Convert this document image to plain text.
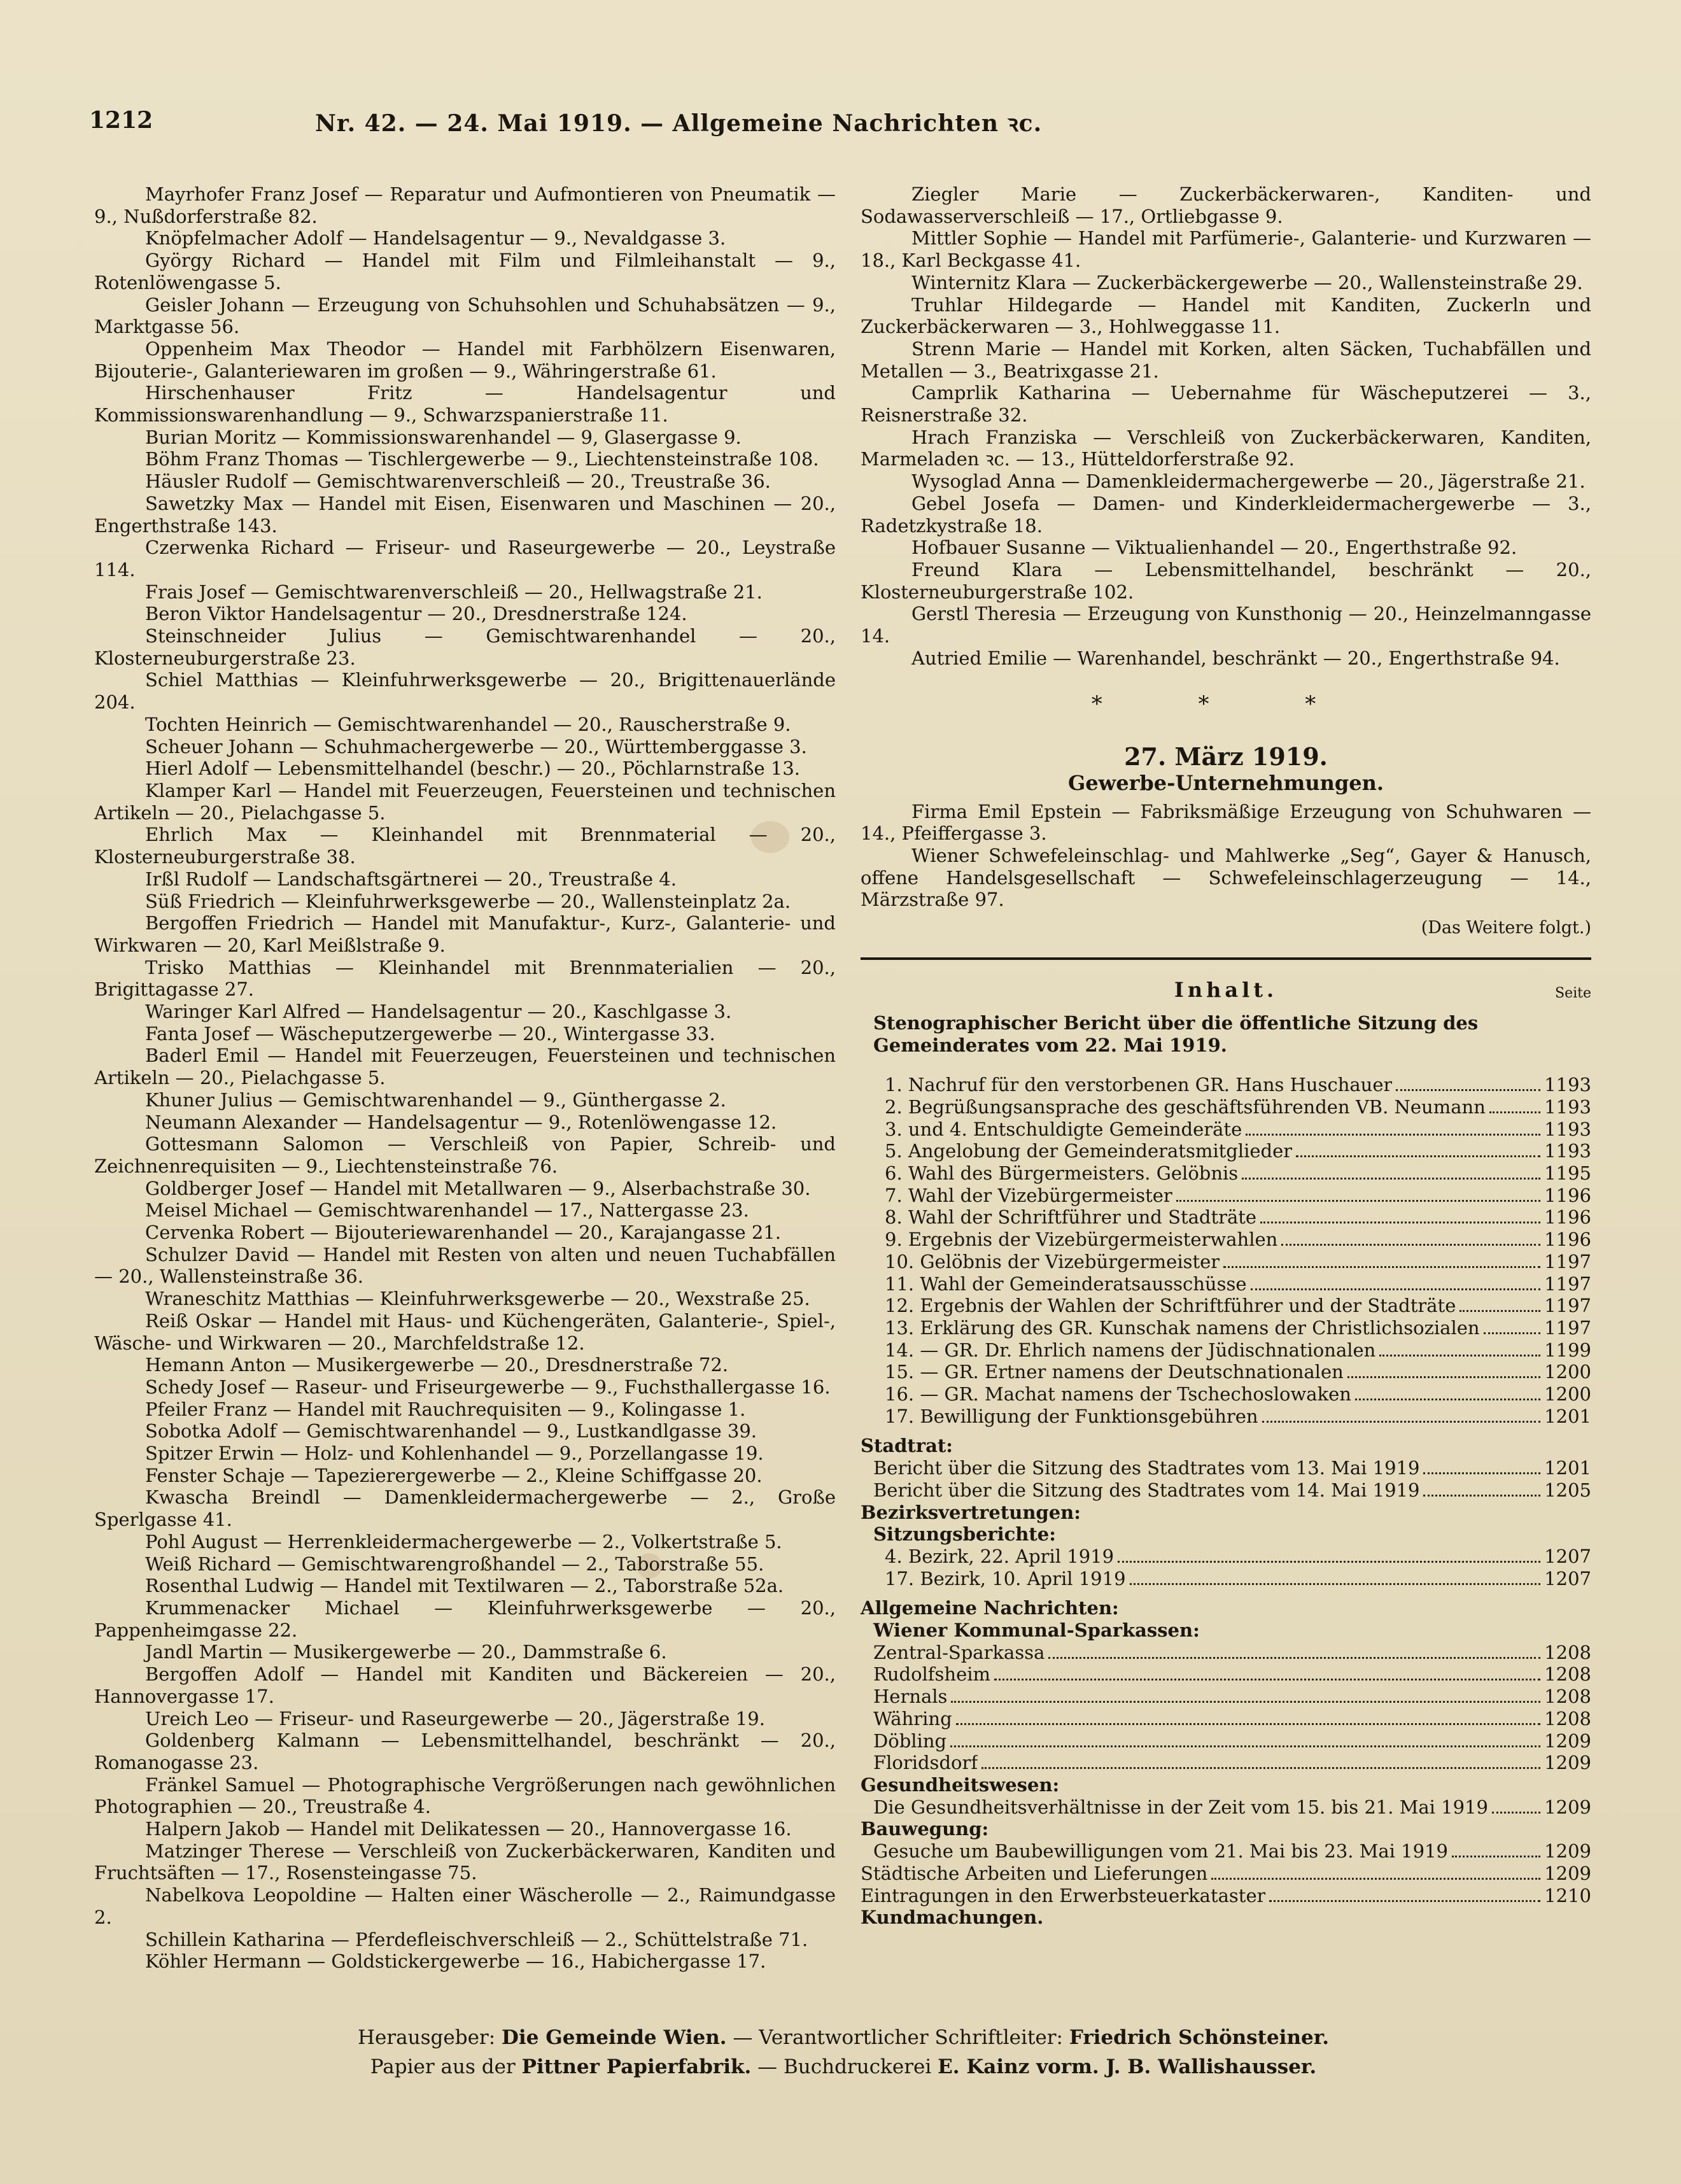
1212	Nr. 42. — 24. Mai 1919. — Allgemeine Nachrichten ꝛc.

Mayrhofer Franz Josef — Reparatur und Aufmontieren von Pneumatik — 9., Nußdorferstraße 82.

Knöpfelmacher Adolf — Handelsagentur — 9., Nevaldgasse 3.

György Richard — Handel mit Film und Filmleihanstalt — 9., Rotenlöwengasse 5.

Geisler Johann — Erzeugung von Schuhsohlen und Schuhabsätzen — 9., Marktgasse 56.

Oppenheim Max Theodor — Handel mit Farbhölzern Eisenwaren, Bijouterie-, Galanteriewaren im großen — 9., Währingerstraße 61.

Hirschenhauser Fritz — Handelsagentur und Kommissionswarenhandlung — 9., Schwarzspanierstraße 11.

Burian Moritz — Kommissionswarenhandel — 9, Glasergasse 9.

Böhm Franz Thomas — Tischlergewerbe — 9., Liechtensteinstraße 108.

Häusler Rudolf — Gemischtwarenverschleiß — 20., Treustraße 36.

Sawetzky Max — Handel mit Eisen, Eisenwaren und Maschinen — 20., Engerthstraße 143.

Czerwenka Richard — Friseur- und Raseurgewerbe — 20., Leystraße 114.

Frais Josef — Gemischtwarenverschleiß — 20., Hellwagstraße 21.

Beron Viktor Handelsagentur — 20., Dresdnerstraße 124.

Steinschneider Julius — Gemischtwarenhandel — 20., Klosterneuburgerstraße 23.

Schiel Matthias — Kleinfuhrwerksgewerbe — 20., Brigittenauerlände 204.

Tochten Heinrich — Gemischtwarenhandel — 20., Rauscherstraße 9.

Scheuer Johann — Schuhmachergewerbe — 20., Württemberggasse 3.

Hierl Adolf — Lebensmittelhandel (beschr.) — 20., Pöchlarnstraße 13.

Klamper Karl — Handel mit Feuerzeugen, Feuersteinen und technischen Artikeln — 20., Pielachgasse 5.

Ehrlich Max — Kleinhandel mit Brennmaterial — 20., Klosterneuburgerstraße 38.

Irßl Rudolf — Landschaftsgärtnerei — 20., Treustraße 4.

Süß Friedrich — Kleinfuhrwerksgewerbe — 20., Wallensteinplatz 2a.

Bergoffen Friedrich — Handel mit Manufaktur-, Kurz-, Galanterie- und Wirkwaren — 20, Karl Meißlstraße 9.

Trisko Matthias — Kleinhandel mit Brennmaterialien — 20., Brigittagasse 27.

Waringer Karl Alfred — Handelsagentur — 20., Kaschlgasse 3.

Fanta Josef — Wäscheputzergewerbe — 20., Wintergasse 33.

Baderl Emil — Handel mit Feuerzeugen, Feuersteinen und technischen Artikeln — 20., Pielachgasse 5.

Khuner Julius — Gemischtwarenhandel — 9., Günthergasse 2.

Neumann Alexander — Handelsagentur — 9., Rotenlöwengasse 12.

Gottesmann Salomon — Verschleiß von Papier, Schreib- und Zeichnenrequisiten — 9., Liechtensteinstraße 76.

Goldberger Josef — Handel mit Metallwaren — 9., Alserbachstraße 30.

Meisel Michael — Gemischtwarenhandel — 17., Nattergasse 23.

Cervenka Robert — Bijouteriewarenhandel — 20., Karajangasse 21.

Schulzer David — Handel mit Resten von alten und neuen Tuchabfällen — 20., Wallensteinstraße 36.

Wraneschitz Matthias — Kleinfuhrwerksgewerbe — 20., Wexstraße 25.

Reiß Oskar — Handel mit Haus- und Küchengeräten, Galanterie-, Spiel-, Wäsche- und Wirkwaren — 20., Marchfeldstraße 12.

Hemann Anton — Musikergewerbe — 20., Dresdnerstraße 72.

Schedy Josef — Raseur- und Friseurgewerbe — 9., Fuchsthallergasse 16.

Pfeiler Franz — Handel mit Rauchrequisiten — 9., Kolingasse 1.

Sobotka Adolf — Gemischtwarenhandel — 9., Lustkandlgasse 39.

Spitzer Erwin — Holz- und Kohlenhandel — 9., Porzellangasse 19.

Fenster Schaje — Tapezierergewerbe — 2., Kleine Schiffgasse 20.

Kwascha Breindl — Damenkleidermachergewerbe — 2., Große Sperlgasse 41.

Pohl August — Herrenkleidermachergewerbe — 2., Volkertstraße 5.

Weiß Richard — Gemischtwarengroßhandel — 2., Taborstraße 55.

Rosenthal Ludwig — Handel mit Textilwaren — 2., Taborstraße 52a.

Krummenacker Michael — Kleinfuhrwerksgewerbe — 20., Pappenheimgasse 22.

Jandl Martin — Musikergewerbe — 20., Dammstraße 6.

Bergoffen Adolf — Handel mit Kanditen und Bäckereien — 20., Hannovergasse 17.

Ureich Leo — Friseur- und Raseurgewerbe — 20., Jägerstraße 19.

Goldenberg Kalmann — Lebensmittelhandel, beschränkt — 20., Romanogasse 23.

Fränkel Samuel — Photographische Vergrößerungen nach gewöhnlichen Photographien — 20., Treustraße 4.

Halpern Jakob — Handel mit Delikatessen — 20., Hannovergasse 16.

Matzinger Therese — Verschleiß von Zuckerbäckerwaren, Kanditen und Fruchtsäften — 17., Rosensteingasse 75.

Nabelkova Leopoldine — Halten einer Wäscherolle — 2., Raimundgasse 2.

Schillein Katharina — Pferdefleischverschleiß — 2., Schüttelstraße 71.

Köhler Hermann — Goldstickergewerbe — 16., Habichergasse 17.

Ziegler Marie — Zuckerbäckerwaren-, Kanditen- und Sodawasserverschleiß — 17., Ortliebgasse 9.

Mittler Sophie — Handel mit Parfümerie-, Galanterie- und Kurzwaren — 18., Karl Beckgasse 41.

Winternitz Klara — Zuckerbäckergewerbe — 20., Wallensteinstraße 29.

Truhlar Hildegarde — Handel mit Kanditen, Zuckerln und Zuckerbäckerwaren — 3., Hohlweggasse 11.

Strenn Marie — Handel mit Korken, alten Säcken, Tuchabfällen und Metallen — 3., Beatrixgasse 21.

Camprlik Katharina — Uebernahme für Wäscheputzerei — 3., Reisnerstraße 32.

Hrach Franziska — Verschleiß von Zuckerbäckerwaren, Kanditen, Marmeladen ꝛc. — 13., Hütteldorferstraße 92.

Wysoglad Anna — Damenkleidermachergewerbe — 20., Jägerstraße 21.

Gebel Josefa — Damen- und Kinderkleidermachergewerbe — 3., Radetzkystraße 18.

Hofbauer Susanne — Viktualienhandel — 20., Engerthstraße 92.

Freund Klara — Lebensmittelhandel, beschränkt — 20., Klosterneuburgerstraße 102.

Gerstl Theresia — Erzeugung von Kunsthonig — 20., Heinzelmanngasse 14.

Autried Emilie — Warenhandel, beschränkt — 20., Engerthstraße 94.

* * *

27. März 1919.

Gewerbe-Unternehmungen.

Firma Emil Epstein — Fabriksmäßige Erzeugung von Schuhwaren — 14., Pfeiffergasse 3.

Wiener Schwefeleinschlag- und Mahlwerke „Seg“, Gayer & Hanusch, offene Handelsgesellschaft — Schwefeleinschlagerzeugung — 14., Märzstraße 97.

(Das Weitere folgt.)

Inhalt.	Seite
Stenographischer Bericht über die öffentliche Sitzung des Gemeinderates vom 22. Mai 1919.
1. Nachruf für den verstorbenen GR. Hans Huschauer	1193
2. Begrüßungsansprache des geschäftsführenden VB. Neumann	1193
3. und 4. Entschuldigte Gemeinderäte	1193
5. Angelobung der Gemeinderatsmitglieder	1193
6. Wahl des Bürgermeisters. Gelöbnis	1195
7. Wahl der Vizebürgermeister	1196
8. Wahl der Schriftführer und Stadträte	1196
9. Ergebnis der Vizebürgermeisterwahlen	1196
10. Gelöbnis der Vizebürgermeister	1197
11. Wahl der Gemeinderatsausschüsse	1197
12. Ergebnis der Wahlen der Schriftführer und der Stadträte	1197
13. Erklärung des GR. Kunschak namens der Christlichsozialen	1197
14. — GR. Dr. Ehrlich namens der Jüdischnationalen	1199
15. — GR. Ertner namens der Deutschnationalen	1200
16. — GR. Machat namens der Tschechoslowaken	1200
17. Bewilligung der Funktionsgebühren	1201
Stadtrat:
Bericht über die Sitzung des Stadtrates vom 13. Mai 1919	1201
Bericht über die Sitzung des Stadtrates vom 14. Mai 1919	1205
Bezirksvertretungen:
Sitzungsberichte:
4. Bezirk, 22. April 1919	1207
17. Bezirk, 10. April 1919	1207
Allgemeine Nachrichten:
Wiener Kommunal-Sparkassen:
Zentral-Sparkassa	1208
Rudolfsheim	1208
Hernals	1208
Währing	1208
Döbling	1209
Floridsdorf	1209
Gesundheitswesen:
Die Gesundheitsverhältnisse in der Zeit vom 15. bis 21. Mai 1919	1209
Bauwegung:
Gesuche um Baubewilligungen vom 21. Mai bis 23. Mai 1919	1209
Städtische Arbeiten und Lieferungen	1209
Eintragungen in den Erwerbsteuerkataster	1210
Kundmachungen.
Herausgeber: Die Gemeinde Wien. — Verantwortlicher Schriftleiter: Friedrich Schönsteiner.
Papier aus der Pittner Papierfabrik. — Buchdruckerei E. Kainz vorm. J. B. Wallishausser.
